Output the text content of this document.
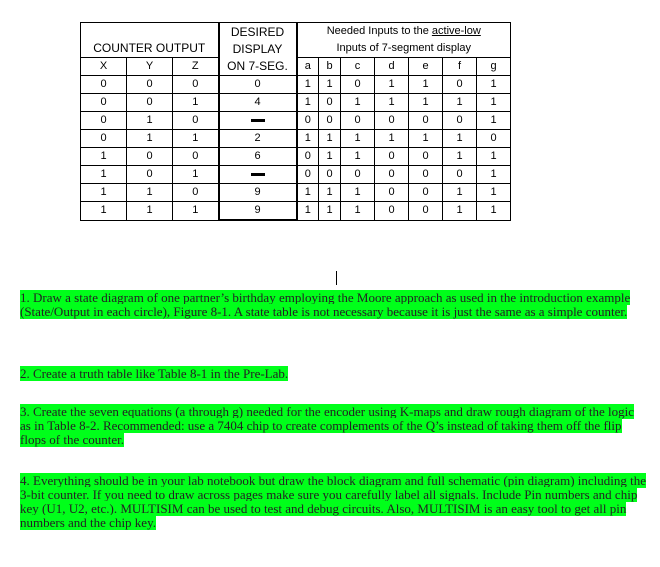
COUNTER OUTPUT			DESIRED
DISPLAY
ON 7-SEG.	Needed Inputs to the active-low
Inputs of 7-segment display						
X	Y	Z		a	b	c	d	e	f	g
0	0	0	0	1	1	0	1	1	0	1
0	0	1	4	1	0	1	1	1	1	1
0	1	0		0	0	0	0	0	0	1
0	1	1	2	1	1	1	1	1	1	0
1	0	0	6	0	1	1	0	0	1	1
1	0	1		0	0	0	0	0	0	1
1	1	0	9	1	1	1	0	0	1	1
1	1	1	9	1	1	1	0	0	1	1

1. Draw a state diagram of one partner’s birthday employing the Moore approach as used in the introduction example (State/Output in each circle), Figure 8-1. A state table is not necessary because it is just the same as a simple counter.

2. Create a truth table like Table 8-1 in the Pre-Lab.

3. Create the seven equations (a through g) needed for the encoder using K-maps and draw rough diagram of the logic as in Table 8-2. Recommended: use a 7404 chip to create complements of the Q’s instead of taking them off the flip flops of the counter.

4. Everything should be in your lab notebook but draw the block diagram and full schematic (pin diagram) including the 3-bit counter. If you need to draw across pages make sure you carefully label all signals. Include Pin numbers and chip key (U1, U2, etc.). MULTISIM can be used to test and debug circuits. Also, MULTISIM is an easy tool to get all pin numbers and the chip key.
